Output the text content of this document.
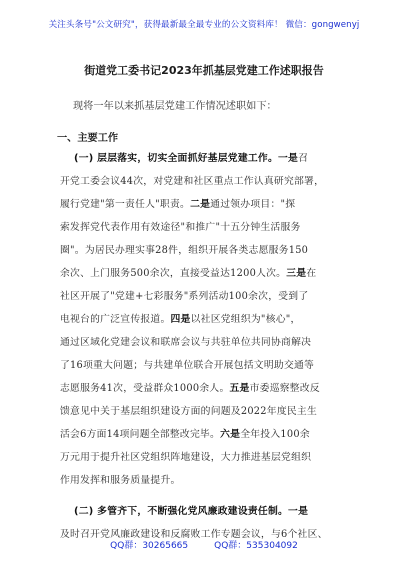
关注头条号"公文研究"，获得最新最全最专业的公文资料库！ 微信：gongwenyj
街道党工委书记2023年抓基层党建工作述职报告
现将一年以来抓基层党建工作情况述职如下：
一、主要工作
(一) 层层落实，切实全面抓好基层党建工作。一是召
开党工委会议44次，对党建和社区重点工作认真研究部署，
履行党建"第一责任人"职责。二是通过领办项目："探
索发挥党代表作用有效途径"和推广"十五分钟生活服务
圈"。为居民办理实事28件，组织开展各类志愿服务150
余次、上门服务500余次，直接受益达1200人次。三是在
社区开展了"党建+七彩服务"系列活动100余次，受到了
电视台的广泛宣传报道。四是以社区党组织为"核心"，
通过区域化党建会议和联席会议与共驻单位共同协商解决
了16项重大问题；与共建单位联合开展包括文明助交通等
志愿服务41次，受益群众1000余人。五是市委巡察整改反
馈意见中关于基层组织建设方面的问题及2022年度民主生
活会6方面14项问题全部整改完毕。六是全年投入100余
万元用于提升社区党组织阵地建设，大力推进基层党组织
作用发挥和服务质量提升。
(二) 多管齐下，不断强化党风廉政建设责任制。一是
及时召开党风廉政建设和反腐败工作专题会议，与6个社区、
QQ群：30265665	QQ群：535304092
